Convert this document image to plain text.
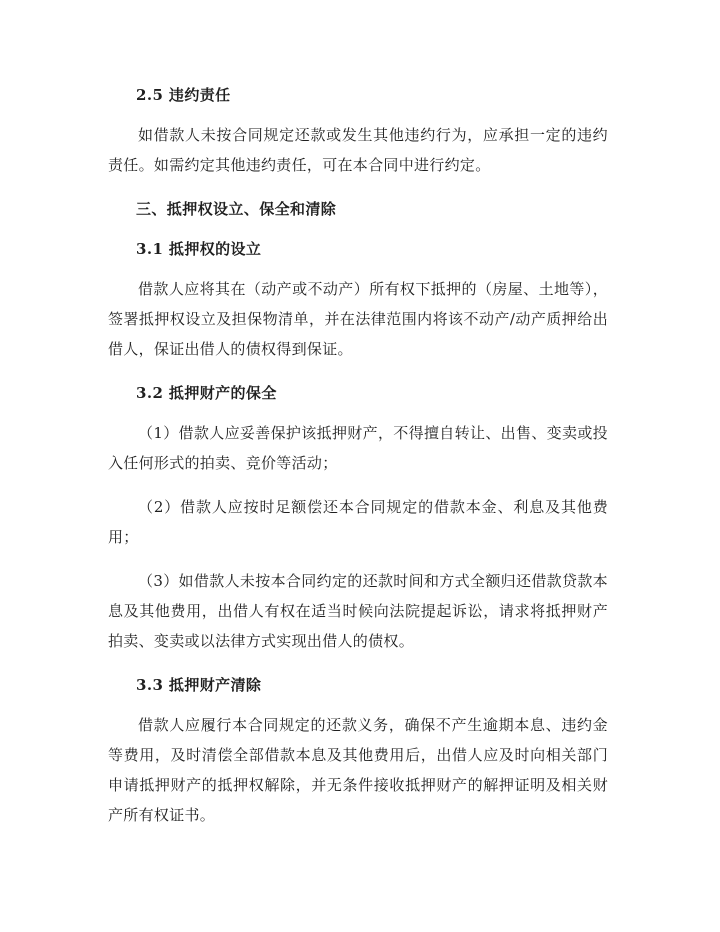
2.5 违约责任

如借款人未按合同规定还款或发生其他违约行为，应承担一定的违约责任。如需约定其他违约责任，可在本合同中进行约定。

三、抵押权设立、保全和清除

3.1 抵押权的设立

借款人应将其在（动产或不动产）所有权下抵押的（房屋、土地等），签署抵押权设立及担保物清单，并在法律范围内将该不动产/动产质押给出借人，保证出借人的债权得到保证。

3.2 抵押财产的保全

（1）借款人应妥善保护该抵押财产，不得擅自转让、出售、变卖或投入任何形式的拍卖、竞价等活动；

（2）借款人应按时足额偿还本合同规定的借款本金、利息及其他费用；

（3）如借款人未按本合同约定的还款时间和方式全额归还借款贷款本息及其他费用，出借人有权在适当时候向法院提起诉讼，请求将抵押财产拍卖、变卖或以法律方式实现出借人的债权。

3.3 抵押财产清除

借款人应履行本合同规定的还款义务，确保不产生逾期本息、违约金等费用，及时清偿全部借款本息及其他费用后，出借人应及时向相关部门申请抵押财产的抵押权解除，并无条件接收抵押财产的解押证明及相关财产所有权证书。
